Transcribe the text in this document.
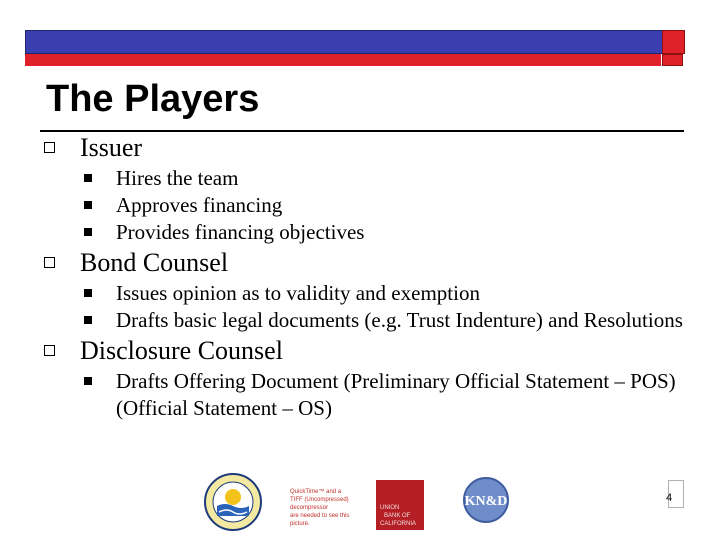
The Players
Issuer
Hires the team
Approves financing
Provides financing objectives
Bond Counsel
Issues opinion as to validity and exemption
Drafts basic legal documents (e.g. Trust Indenture) and Resolutions
Disclosure Counsel
Drafts Offering Document (Preliminary Official Statement – POS) (Official Statement – OS)
QuickTime™ and a
TIFF (Uncompressed) decompressor
are needed to see this picture.
UNION
BANK OF
CALIFORNIA
KN&D	4
